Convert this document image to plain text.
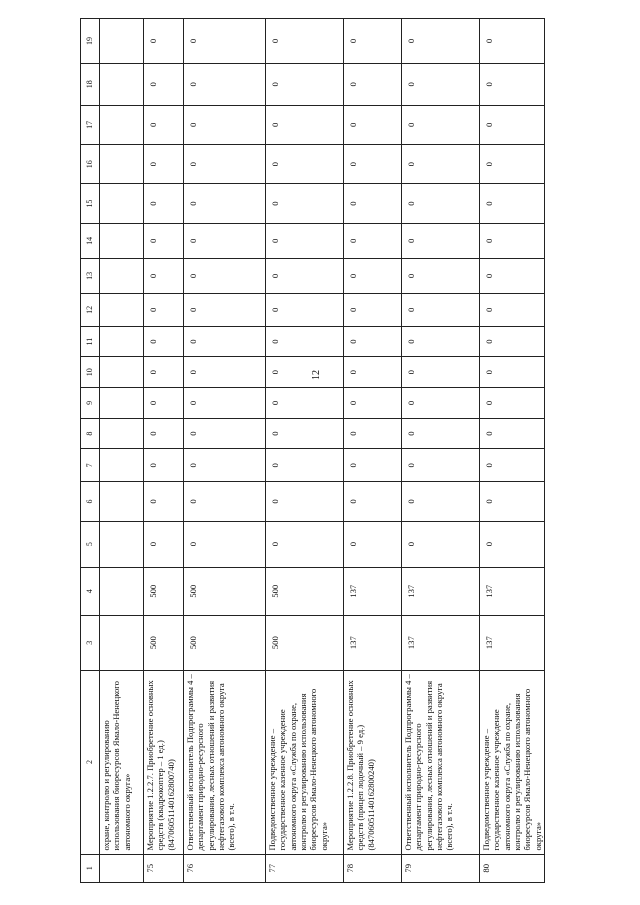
12
1	2	3	4	5	6	7	8	9	10	11	12	13	14	15	16	17	18	19
	охране, контролю и регулированию использования биоресурсов Ямало-Ненецкого автономного округа»																	
75	Мероприятие 1.2.2.7. Приобретение основных средств (квадрокоптер – 1 ед.) (84706051140162800740)	500	500	0	0	0	0	0	0	0	0	0	0	0	0	0	0	0
76	Ответственный исполнитель Подпрограммы 4 – департамент природно-ресурсного регулирования, лесных отношений и развития нефтегазового комплекса автономного округа (всего), в т.ч.	500	500	0	0	0	0	0	0	0	0	0	0	0	0	0	0	0
77	Подведомственное учреждение – государственное казенное учреждение автономного округа «Служба по охране, контролю и регулированию использования биоресурсов Ямало-Ненецкого автономного округа»	500	500	0	0	0	0	0	0	0	0	0	0	0	0	0	0	0
78	Мероприятие 1.2.2.8. Приобретение основных средств (прицеп лодочный – 9 ед.) (84706051140162800240)	137	137	0	0	0	0	0	0	0	0	0	0	0	0	0	0	0
79	Ответственный исполнитель Подпрограммы 4 – департамент природно-ресурсного регулирования, лесных отношений и развития нефтегазового комплекса автономного округа (всего), в т.ч.	137	137	0	0	0	0	0	0	0	0	0	0	0	0	0	0	0
80	Подведомственное учреждение – государственное казенное учреждение автономного округа «Служба по охране, контролю и регулированию использования биоресурсов Ямало-Ненецкого автономного округа»	137	137	0	0	0	0	0	0	0	0	0	0	0	0	0	0	0
